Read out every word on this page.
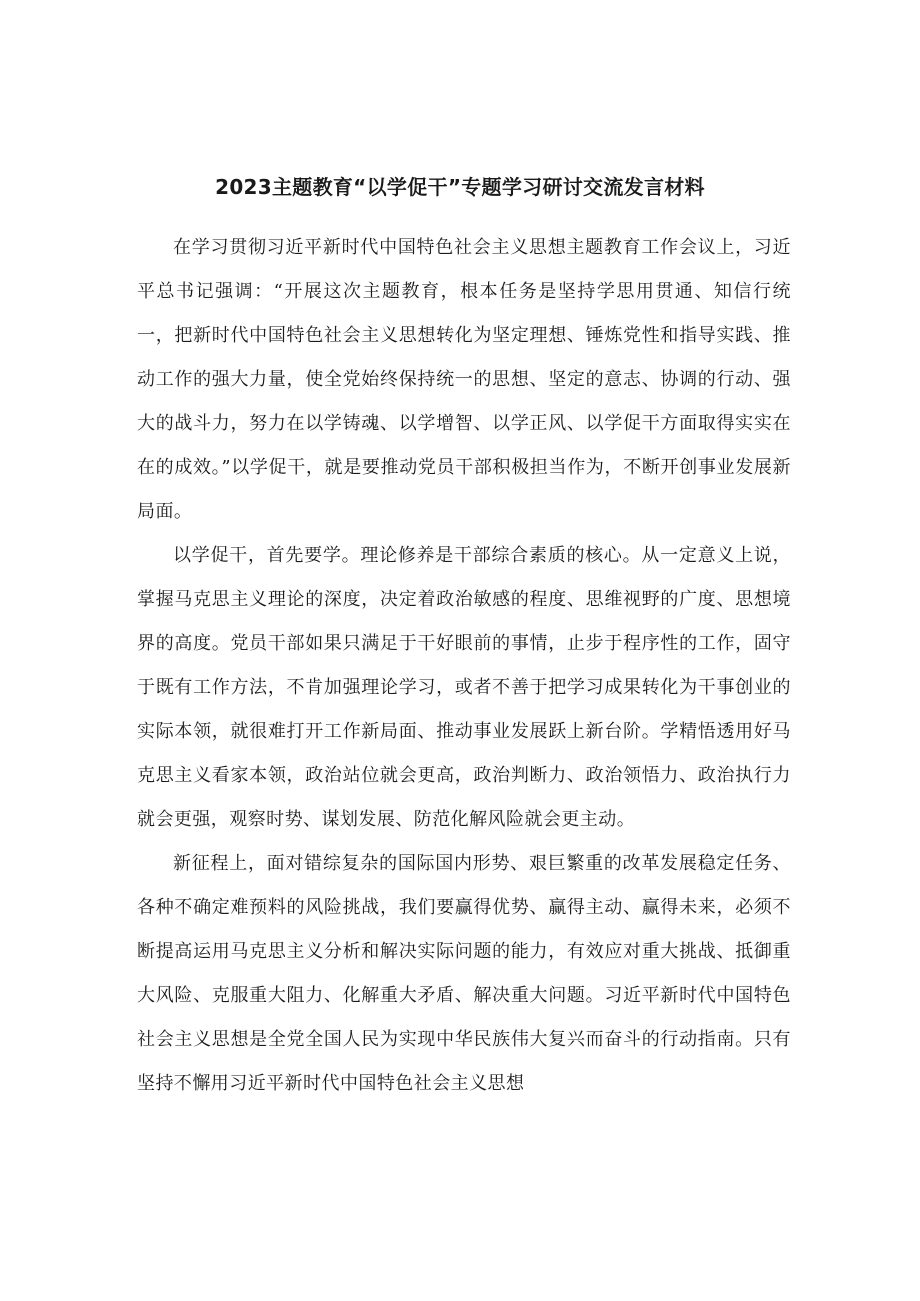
2023主题教育“以学促干”专题学习研讨交流发言材料

在学习贯彻习近平新时代中国特色社会主义思想主题教育工作会议上，习近平总书记强调：“开展这次主题教育，根本任务是坚持学思用贯通、知信行统一，把新时代中国特色社会主义思想转化为坚定理想、锤炼党性和指导实践、推动工作的强大力量，使全党始终保持统一的思想、坚定的意志、协调的行动、强大的战斗力，努力在以学铸魂、以学增智、以学正风、以学促干方面取得实实在在的成效。”以学促干，就是要推动党员干部积极担当作为，不断开创事业发展新局面。

以学促干，首先要学。理论修养是干部综合素质的核心。从一定意义上说，掌握马克思主义理论的深度，决定着政治敏感的程度、思维视野的广度、思想境界的高度。党员干部如果只满足于干好眼前的事情，止步于程序性的工作，固守于既有工作方法，不肯加强理论学习，或者不善于把学习成果转化为干事创业的实际本领，就很难打开工作新局面、推动事业发展跃上新台阶。学精悟透用好马克思主义看家本领，政治站位就会更高，政治判断力、政治领悟力、政治执行力就会更强，观察时势、谋划发展、防范化解风险就会更主动。

新征程上，面对错综复杂的国际国内形势、艰巨繁重的改革发展稳定任务、各种不确定难预料的风险挑战，我们要赢得优势、赢得主动、赢得未来，必须不断提高运用马克思主义分析和解决实际问题的能力，有效应对重大挑战、抵御重大风险、克服重大阻力、化解重大矛盾、解决重大问题。习近平新时代中国特色社会主义思想是全党全国人民为实现中华民族伟大复兴而奋斗的行动指南。只有坚持不懈用习近平新时代中国特色社会主义思想
